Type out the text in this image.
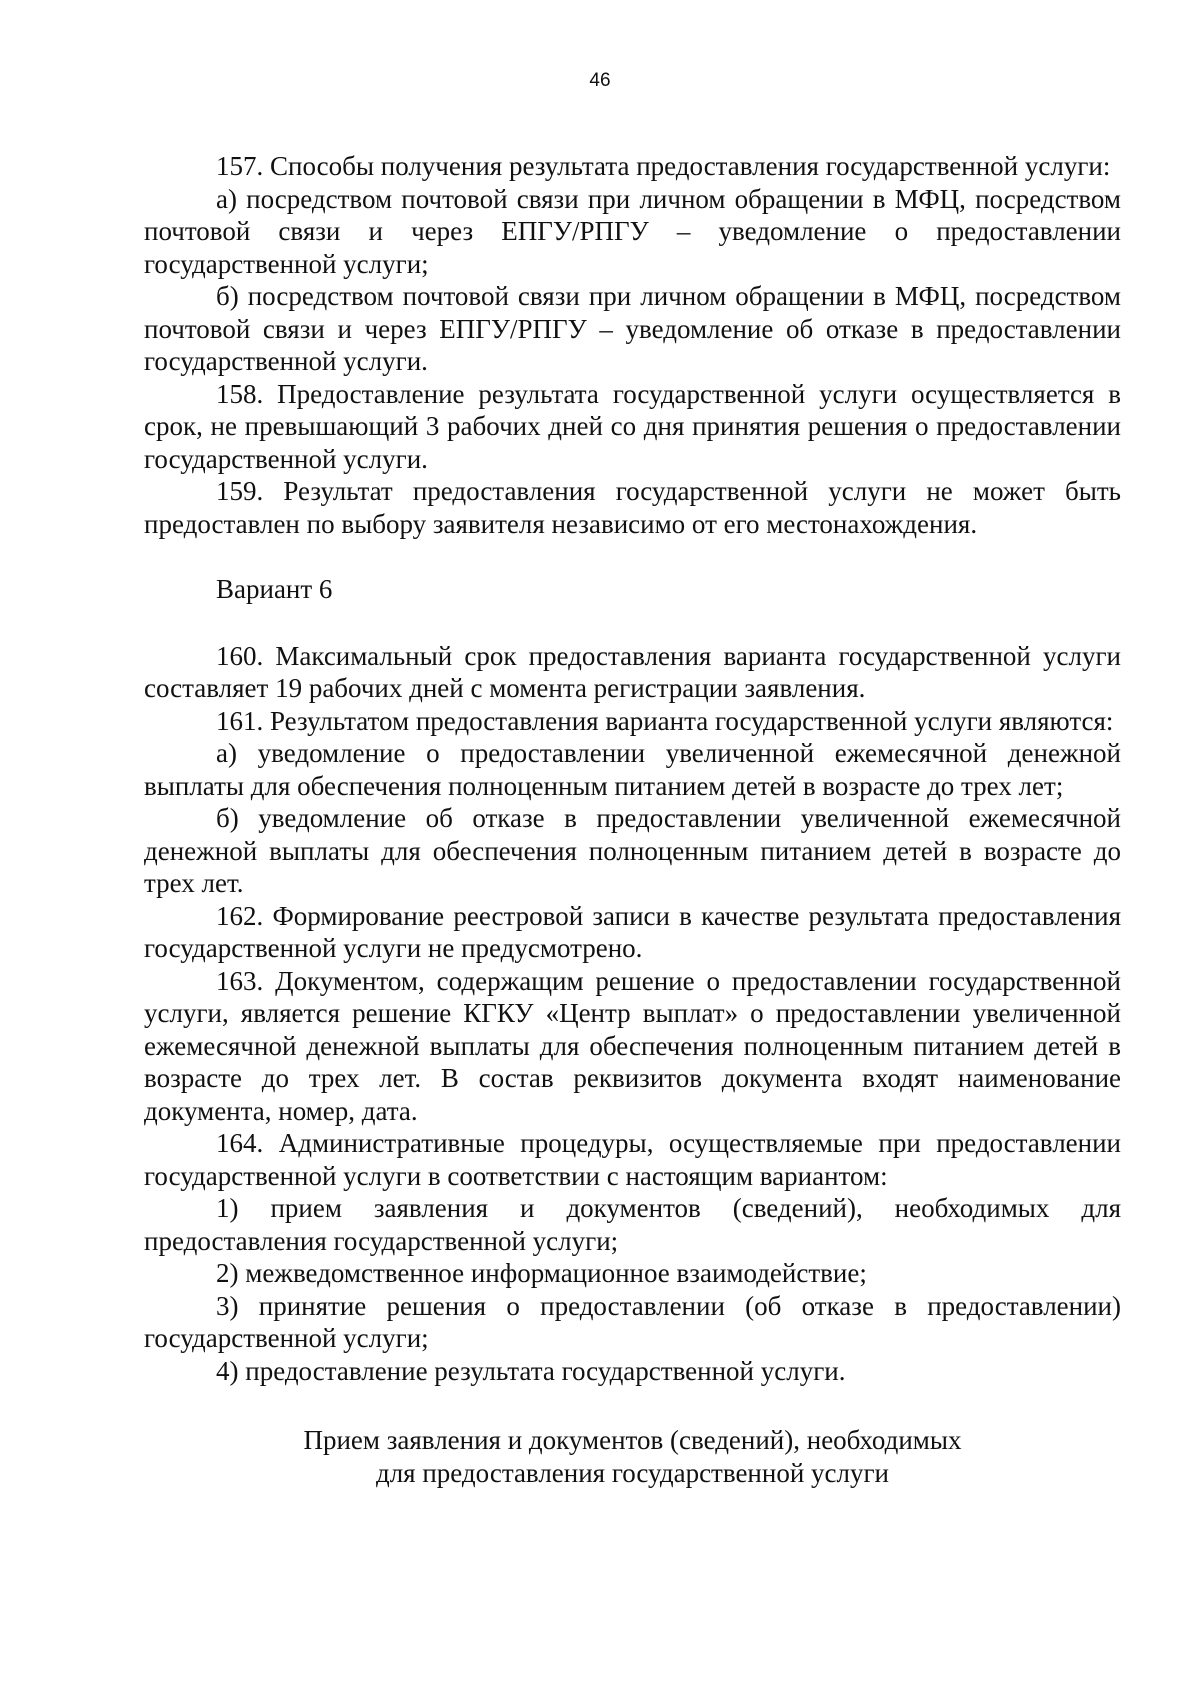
46

157. Способы получения результата предоставления государственной услуги:

а) посредством почтовой связи при личном обращении в МФЦ, посредством почтовой связи и через ЕПГУ/РПГУ – уведомление о предоставлении государственной услуги;

б) посредством почтовой связи при личном обращении в МФЦ, посредством почтовой связи и через ЕПГУ/РПГУ – уведомление об отказе в предоставлении государственной услуги.

158. Предоставление результата государственной услуги осуществляется в срок, не превышающий 3 рабочих дней со дня принятия решения о предоставлении государственной услуги.

159. Результат предоставления государственной услуги не может быть предоставлен по выбору заявителя независимо от его местонахождения.

Вариант 6

160. Максимальный срок предоставления варианта государственной услуги составляет 19 рабочих дней с момента регистрации заявления.

161. Результатом предоставления варианта государственной услуги являются:

а) уведомление о предоставлении увеличенной ежемесячной денежной выплаты для обеспечения полноценным питанием детей в возрасте до трех лет;

б) уведомление об отказе в предоставлении увеличенной ежемесячной денежной выплаты для обеспечения полноценным питанием детей в возрасте до трех лет.

162. Формирование реестровой записи в качестве результата предоставления государственной услуги не предусмотрено.

163. Документом, содержащим решение о предоставлении государственной услуги, является решение КГКУ «Центр выплат» о предоставлении увеличенной ежемесячной денежной выплаты для обеспечения полноценным питанием детей в возрасте до трех лет. В состав реквизитов документа входят наименование документа, номер, дата.

164. Административные процедуры, осуществляемые при предоставлении государственной услуги в соответствии с настоящим вариантом:

1) прием заявления и документов (сведений), необходимых для предоставления государственной услуги;

2) межведомственное информационное взаимодействие;

3) принятие решения о предоставлении (об отказе в предоставлении) государственной услуги;

4) предоставление результата государственной услуги.

Прием заявления и документов (сведений), необходимых
для предоставления государственной услуги
